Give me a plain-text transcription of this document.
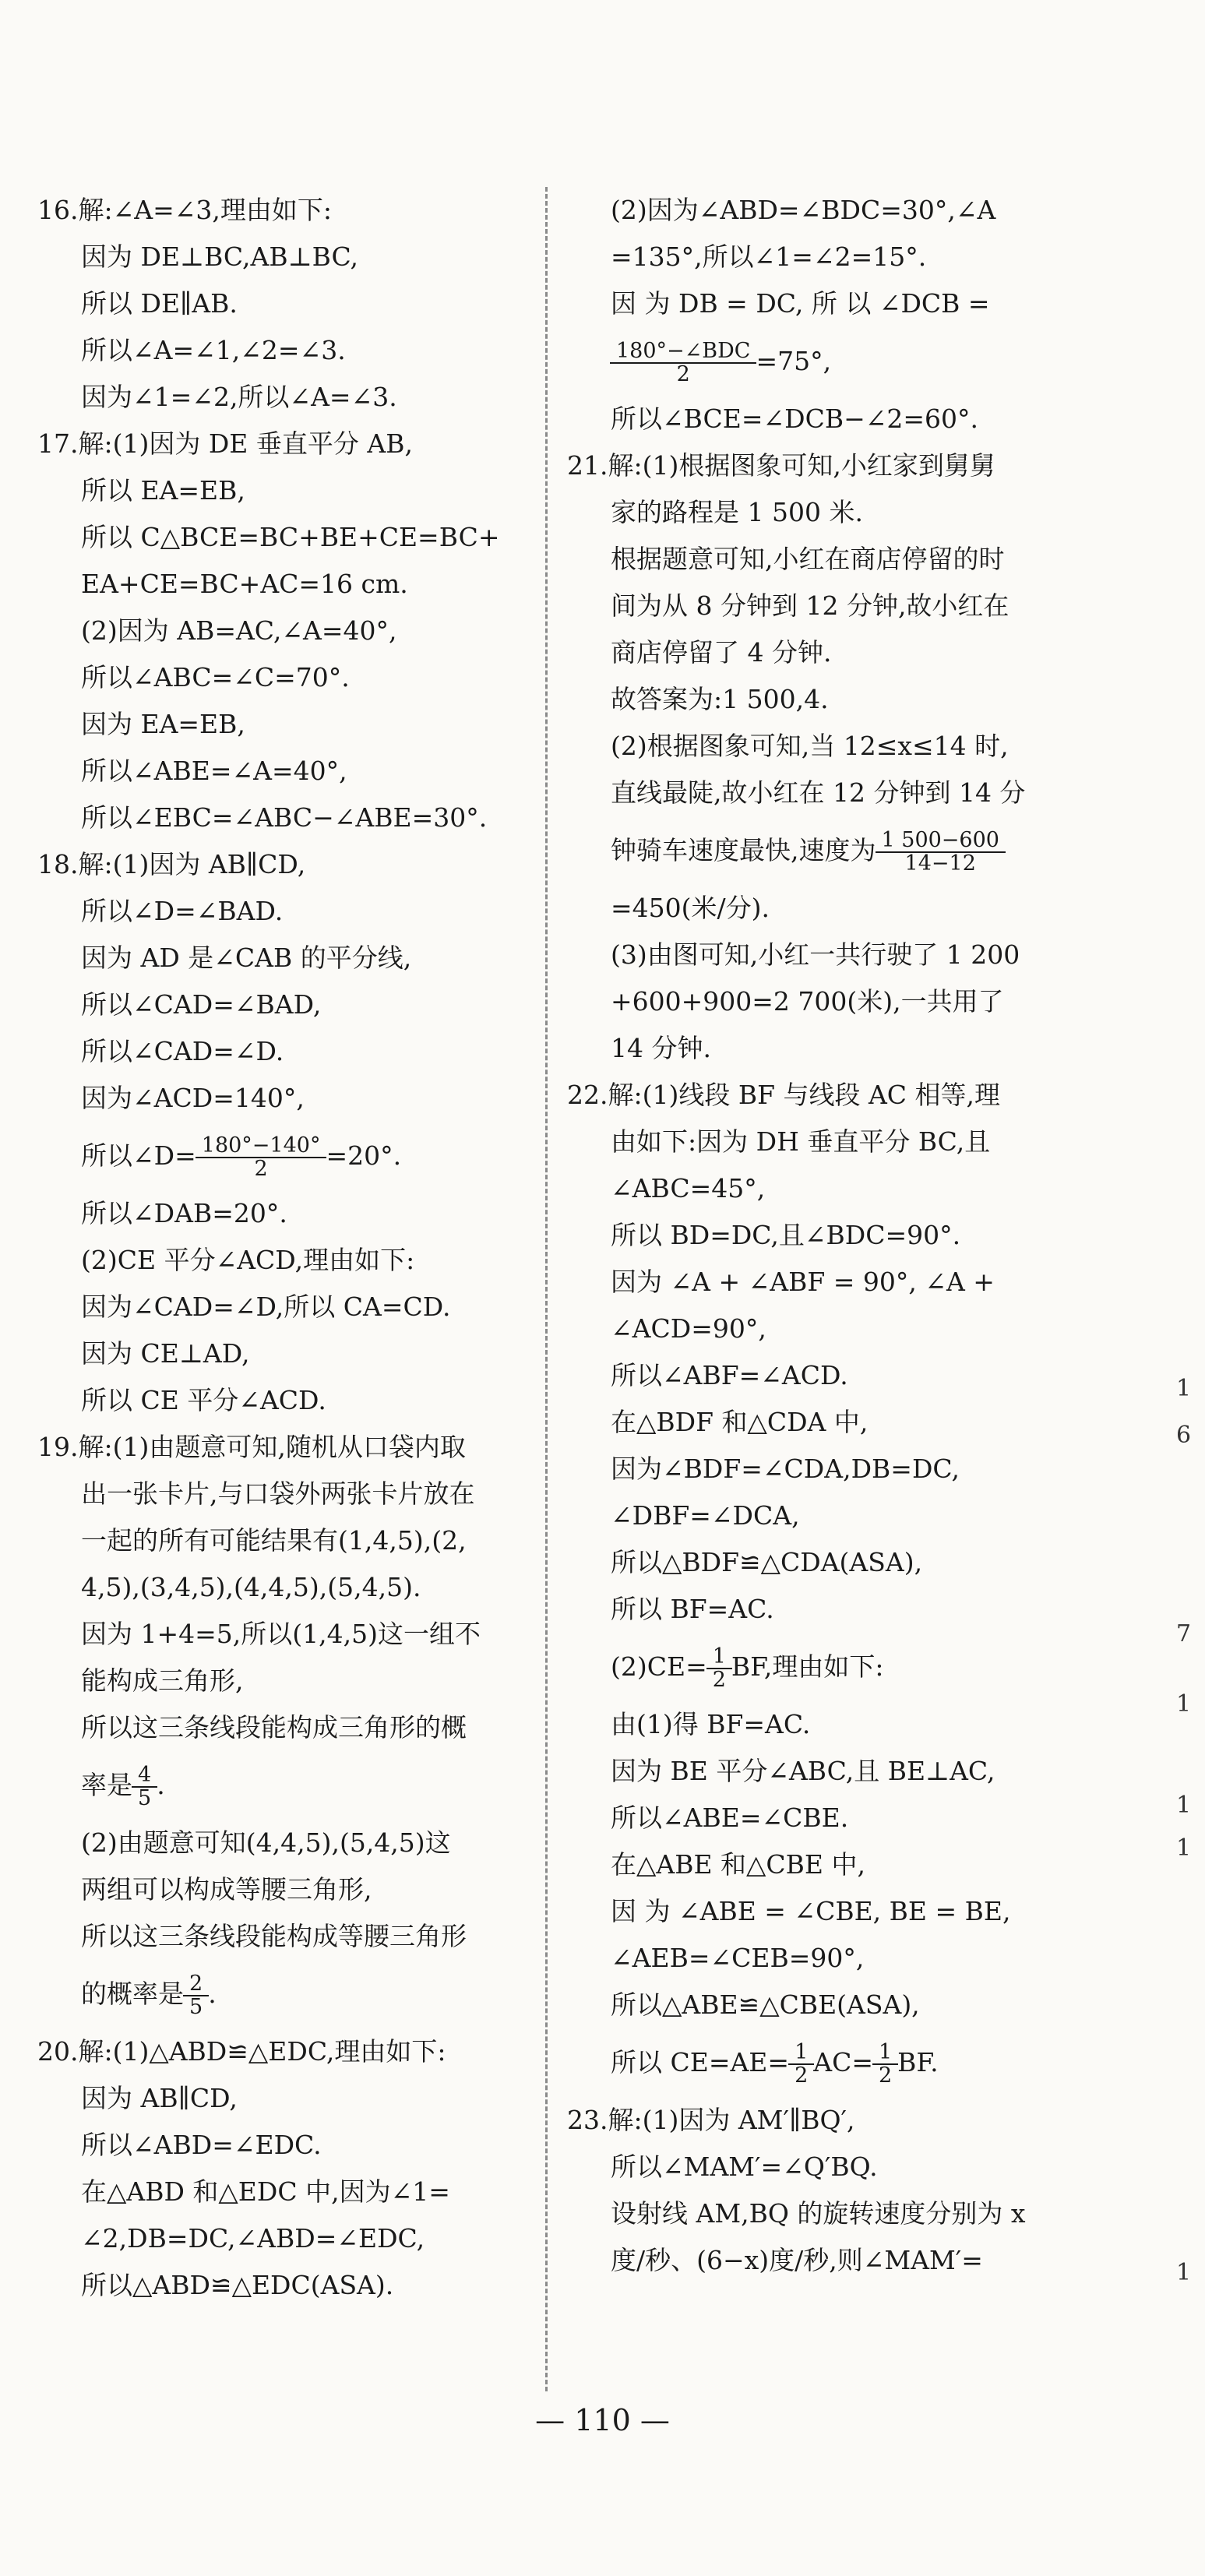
16.解:∠A=∠3,理由如下:
因为 DE⊥BC,AB⊥BC,
所以 DE∥AB.
所以∠A=∠1,∠2=∠3.
因为∠1=∠2,所以∠A=∠3.
17.解:(1)因为 DE 垂直平分 AB,
所以 EA=EB,
所以 C△BCE=BC+BE+CE=BC+
EA+CE=BC+AC=16 cm.
(2)因为 AB=AC,∠A=40°,
所以∠ABC=∠C=70°.
因为 EA=EB,
所以∠ABE=∠A=40°,
所以∠EBC=∠ABC−∠ABE=30°.
18.解:(1)因为 AB∥CD,
所以∠D=∠BAD.
因为 AD 是∠CAB 的平分线,
所以∠CAD=∠BAD,
所以∠CAD=∠D.
因为∠ACD=140°,
所以∠D= $\frac{180^\circ-140^\circ}{2} =20^\circ$.
所以∠DAB=20°.
(2)CE 平分∠ACD,理由如下:
因为∠CAD=∠D,所以 CA=CD.
因为 CE⊥AD,
所以 CE 平分∠ACD.
19.解:(1)由题意可知,随机从口袋内取
出一张卡片,与口袋外两张卡片放在
一起的所有可能结果有(1,4,5),(2,
4,5),(3,4,5),(4,4,5),(5,4,5).
因为 1+4=5,所以(1,4,5)这一组不
能构成三角形,
所以这三条线段能构成三角形的概
率是 $\frac{4}{5}$ .
(2)由题意可知(4,4,5),(5,4,5)这
两组可以构成等腰三角形,
所以这三条线段能构成等腰三角形
的概率是 $\frac{2}{5}$ .
20.解:(1)△ABD≌△EDC,理由如下:
因为 AB∥CD,
所以∠ABD=∠EDC.
在△ABD 和△EDC 中,因为∠1=
∠2,DB=DC,∠ABD=∠EDC,
所以△ABD≌△EDC(ASA).
(2)因为∠ABD=∠BDC=30°,∠A
=135°,所以∠1=∠2=15°.
因 为 DB = DC, 所 以 ∠DCB =
$\frac{\text{180°−∠BDC}}{2} =75^\circ$,
所以∠BCE=∠DCB−∠2=60°.
21.解:(1)根据图象可知,小红家到舅舅
家的路程是 1 500 米.
根据题意可知,小红在商店停留的时
间为从 8 分钟到 12 分钟,故小红在
商店停留了 4 分钟.
故答案为:1 500,4.
(2)根据图象可知,当 12≤x≤14 时,
直线最陡,故小红在 12 分钟到 14 分
钟骑车速度最快,速度为 $\frac{1 500-600}{14-12}$
=450(米/分).
(3)由图可知,小红一共行驶了 1 200
+600+900=2 700(米),一共用了
14 分钟.
22.解:(1)线段 BF 与线段 AC 相等,理
由如下:因为 DH 垂直平分 BC,且
∠ABC=45°,
所以 BD=DC,且∠BDC=90°.
因为 ∠A + ∠ABF = 90°, ∠A +
∠ACD=90°,
所以∠ABF=∠ACD.
在△BDF 和△CDA 中,
因为∠BDF=∠CDA,DB=DC,
∠DBF=∠DCA,
所以△BDF≌△CDA(ASA),
所以 BF=AC.
$(2)CE= \frac{1}{2}$ BF,理由如下:
由(1)得 BF=AC.
因为 BE 平分∠ABC,且 BE⊥AC,
所以∠ABE=∠CBE.
在△ABE 和△CBE 中,
因 为 ∠ABE = ∠CBE, BE = BE,
∠AEB=∠CEB=90°,
所以△ABE≌△CBE(ASA),
所以 $CE=AE= \frac{1}{2} AC= \frac{1}{2}$ BF.
23.解:(1)因为 AM′∥BQ′,
所以∠MAM′=∠Q′BQ.
设射线 AM,BQ 的旋转速度分别为 x
度/秒、(6−x)度/秒,则∠MAM′=
— 110 —
1
6
7
1
1
1
1
